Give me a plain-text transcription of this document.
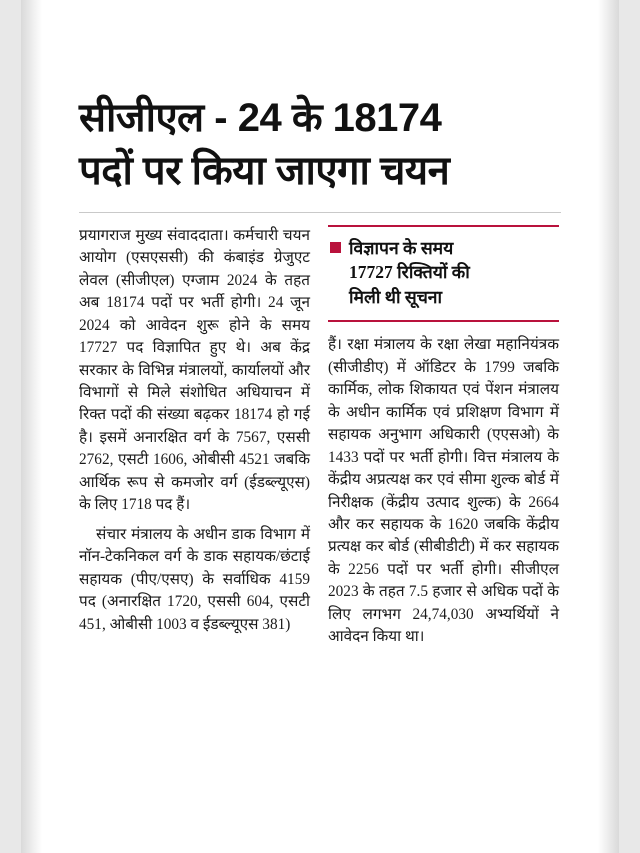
सीजीएल - 24 के 18174
पदों पर किया जाएगा चयन

प्रयागराज मुख्य संवाददाता। कर्मचारी चयन आयोग (एसएससी) की कंबाइंड ग्रेजुएट लेवल (सीजीएल) एग्जाम 2024 के तहत अब 18174 पदों पर भर्ती होगी। 24 जून 2024 को आवेदन शुरू होने के समय 17727 पद विज्ञापित हुए थे। अब केंद्र सरकार के विभिन्न मंत्रालयों, कार्यालयों और विभागों से मिले संशोधित अधियाचन में रिक्त पदों की संख्या बढ़कर 18174 हो गई है। इसमें अनारक्षित वर्ग के 7567, एससी 2762, एसटी 1606, ओबीसी 4521 जबकि आर्थिक रूप से कमजोर वर्ग (ईडब्ल्यूएस) के लिए 1718 पद हैं।

संचार मंत्रालय के अधीन डाक विभाग में नॉन-टेकनिकल वर्ग के डाक सहायक/छंटाई सहायक (पीए/एसए) के सर्वाधिक 4159 पद (अनारक्षित 1720, एससी 604, एसटी 451, ओबीसी 1003 व ईडब्ल्यूएस 381)

विज्ञापन के समय
17727 रिक्तियों की
मिली थी सूचना

हैं। रक्षा मंत्रालय के रक्षा लेखा महानियंत्रक (सीजीडीए) में ऑडिटर के 1799 जबकि कार्मिक, लोक शिकायत एवं पेंशन मंत्रालय के अधीन कार्मिक एवं प्रशिक्षण विभाग में सहायक अनुभाग अधिकारी (एएसओ) के 1433 पदों पर भर्ती होगी। वित्त मंत्रालय के केंद्रीय अप्रत्यक्ष कर एवं सीमा शुल्क बोर्ड में निरीक्षक (केंद्रीय उत्पाद शुल्क) के 2664 और कर सहायक के 1620 जबकि केंद्रीय प्रत्यक्ष कर बोर्ड (सीबीडीटी) में कर सहायक के 2256 पदों पर भर्ती होगी। सीजीएल 2023 के तहत 7.5 हजार से अधिक पदों के लिए लगभग 24,74,030 अभ्यर्थियों ने आवेदन किया था।
